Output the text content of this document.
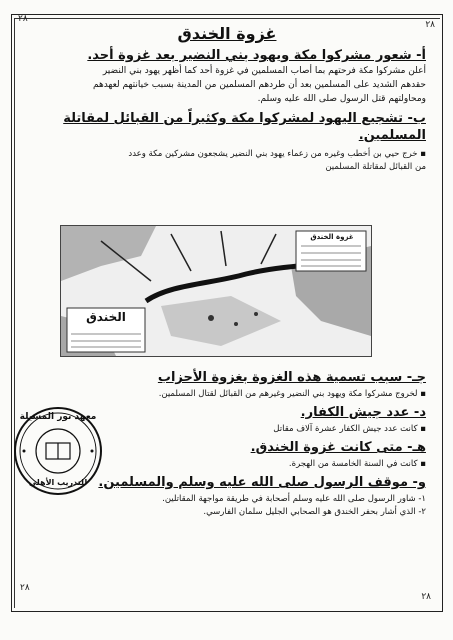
٢٨
٢٨
٢٨
٢٨
غزوة الخندق
أ- شعور مشركوا مكة ويهود بني النضير بعد غزوة أحد.
أعلن مشركوا مكة فرحتهم بما أصاب المسلمين في غزوة أحد كما أظهر يهود بني النضير
حقدهم الشديد على المسلمين بعد أن طردهم المسلمين من المدينة بسبب خيانتهم لعهدهم
ومحاولتهم قتل الرسول صلى الله عليه وسلم.
ب- تشجيع اليهود لمشركوا مكة وكثيراً من القبائل لمقاتلة
المسلمين.
▪ خرج حيي بن أخطب وغيره من زعماء يهود بني النضير يشجعون مشركين مكة وعدد
من القبائل لمقاتلة المسلمين
غزوة الخندق
الخندق
جـ- سبب تسمية هذه الغزوة بغزوة الأحزاب
▪ لخروج مشركوا مكة ويهود بني النضير وغيرهم من القبائل لقتال المسلمين.
د- عدد جيش الكفار.
▪ كانت عدد جيش الكفار عشرة آلاف مقاتل
هـ- متى كانت غزوة الخندق.
▪ كانت في السنة الخامسة من الهجرة.
و- موقف الرسول صلى الله عليه وسلم والمسلمين.
١- شاور الرسول صلى الله عليه وسلم أصحابة في طريقة مواجهة المقاتلين.
٢- الذي أشار بحفر الخندق هو الصحابي الجليل سلمان الفارسي.
معهد نور المسيلة
للتدريب الأهلي
